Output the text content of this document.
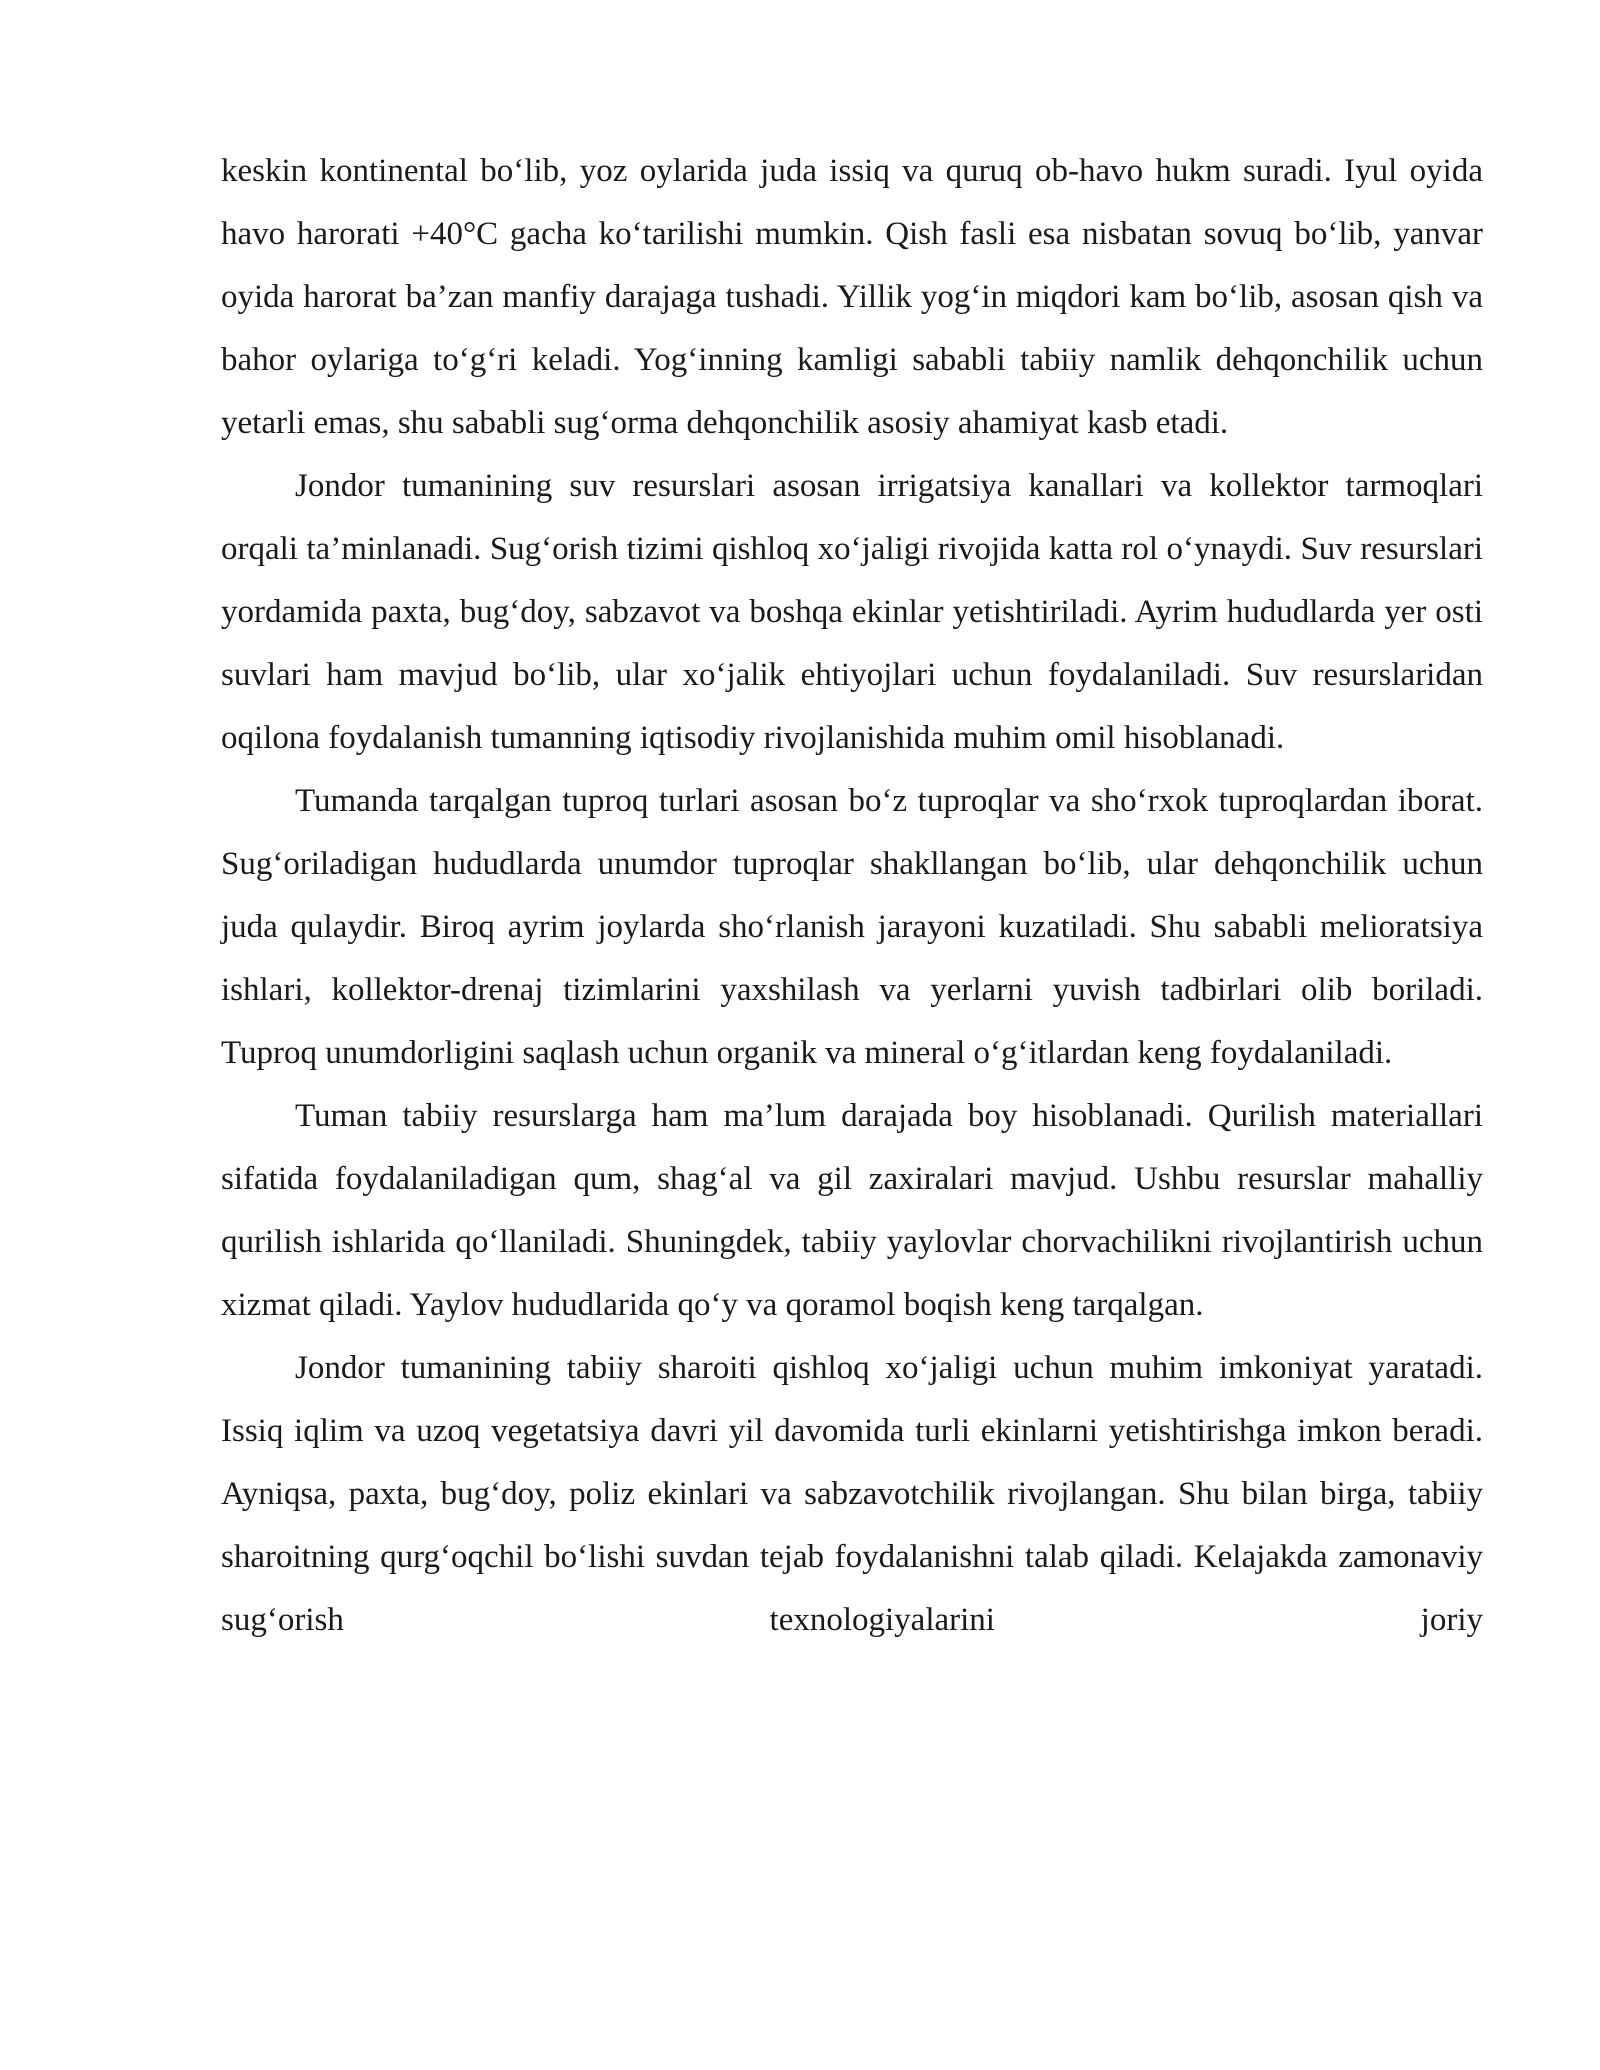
keskin kontinental bo‘lib, yoz oylarida juda issiq va quruq ob-havo hukm suradi. Iyul oyida havo harorati +40°C gacha ko‘tarilishi mumkin. Qish fasli esa nisbatan sovuq bo‘lib, yanvar oyida harorat ba’zan manfiy darajaga tushadi. Yillik yog‘in miqdori kam bo‘lib, asosan qish va bahor oylariga to‘g‘ri keladi. Yog‘inning kamligi sababli tabiiy namlik dehqonchilik uchun yetarli emas, shu sababli sug‘orma dehqonchilik asosiy ahamiyat kasb etadi.

Jondor tumanining suv resurslari asosan irrigatsiya kanallari va kollektor tarmoqlari orqali ta’minlanadi. Sug‘orish tizimi qishloq xo‘jaligi rivojida katta rol o‘ynaydi. Suv resurslari yordamida paxta, bug‘doy, sabzavot va boshqa ekinlar yetishtiriladi. Ayrim hududlarda yer osti suvlari ham mavjud bo‘lib, ular xo‘jalik ehtiyojlari uchun foydalaniladi. Suv resurslaridan oqilona foydalanish tumanning iqtisodiy rivojlanishida muhim omil hisoblanadi.

Tumanda tarqalgan tuproq turlari asosan bo‘z tuproqlar va sho‘rxok tuproqlardan iborat. Sug‘oriladigan hududlarda unumdor tuproqlar shakllangan bo‘lib, ular dehqonchilik uchun juda qulaydir. Biroq ayrim joylarda sho‘rlanish jarayoni kuzatiladi. Shu sababli melioratsiya ishlari, kollektor-drenaj tizimlarini yaxshilash va yerlarni yuvish tadbirlari olib boriladi. Tuproq unumdorligini saqlash uchun organik va mineral o‘g‘itlardan keng foydalaniladi.

Tuman tabiiy resurslarga ham ma’lum darajada boy hisoblanadi. Qurilish materiallari sifatida foydalaniladigan qum, shag‘al va gil zaxiralari mavjud. Ushbu resurslar mahalliy qurilish ishlarida qo‘llaniladi. Shuningdek, tabiiy yaylovlar chorvachilikni rivojlantirish uchun xizmat qiladi. Yaylov hududlarida qo‘y va qoramol boqish keng tarqalgan.

Jondor tumanining tabiiy sharoiti qishloq xo‘jaligi uchun muhim imkoniyat yaratadi. Issiq iqlim va uzoq vegetatsiya davri yil davomida turli ekinlarni yetishtirishga imkon beradi. Ayniqsa, paxta, bug‘doy, poliz ekinlari va sabzavotchilik rivojlangan. Shu bilan birga, tabiiy sharoitning qurg‘oqchil bo‘lishi suvdan tejab foydalanishni talab qiladi. Kelajakda zamonaviy sug‘orish texnologiyalarini joriy
